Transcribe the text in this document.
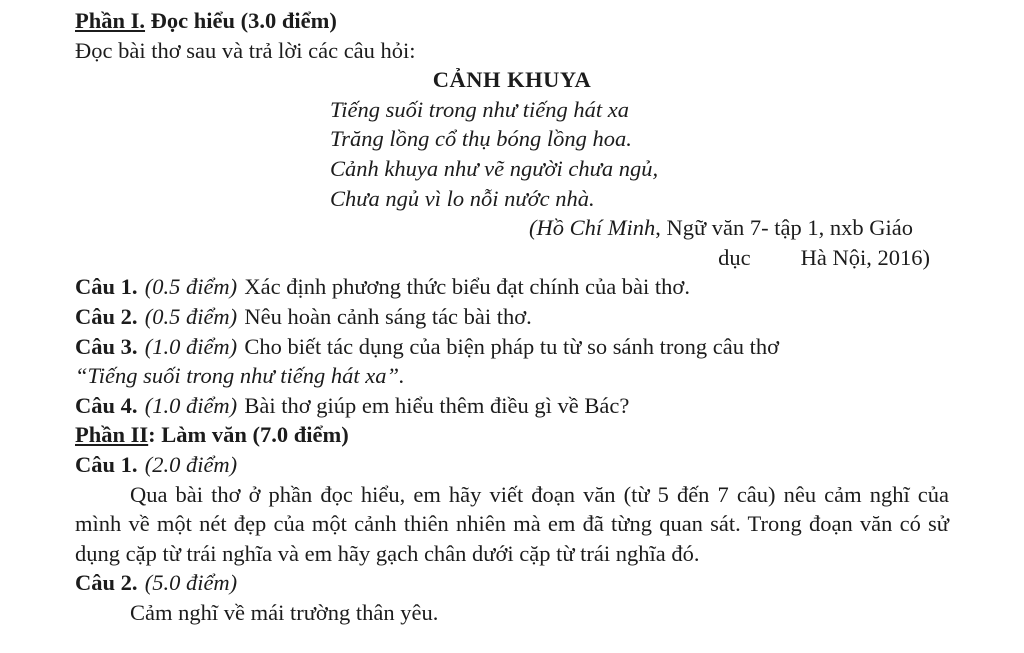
Phần I. Đọc hiểu (3.0 điểm)
Đọc bài thơ sau và trả lời các câu hỏi:
CẢNH KHUYA
Tiếng suối trong như tiếng hát xa
Trăng lồng cổ thụ bóng lồng hoa.
Cảnh khuya như vẽ người chưa ngủ,
Chưa ngủ vì lo nỗi nước nhà.
(Hồ Chí Minh, Ngữ văn 7- tập 1, nxb Giáo
dục Hà Nội, 2016)
Câu 1. (0.5 điểm) Xác định phương thức biểu đạt chính của bài thơ.
Câu 2. (0.5 điểm) Nêu hoàn cảnh sáng tác bài thơ.
Câu 3. (1.0 điểm) Cho biết tác dụng của biện pháp tu từ so sánh trong câu thơ
“Tiếng suối trong như tiếng hát xa”.
Câu 4. (1.0 điểm) Bài thơ giúp em hiểu thêm điều gì về Bác?
Phần II: Làm văn (7.0 điểm)
Câu 1. (2.0 điểm)
Qua bài thơ ở phần đọc hiểu, em hãy viết đoạn văn (từ 5 đến 7 câu) nêu cảm nghĩ của mình về một nét đẹp của một cảnh thiên nhiên mà em đã từng quan sát. Trong đoạn văn có sử dụng cặp từ trái nghĩa và em hãy gạch chân dưới cặp từ trái nghĩa đó.
Câu 2. (5.0 điểm)
Cảm nghĩ về mái trường thân yêu.
